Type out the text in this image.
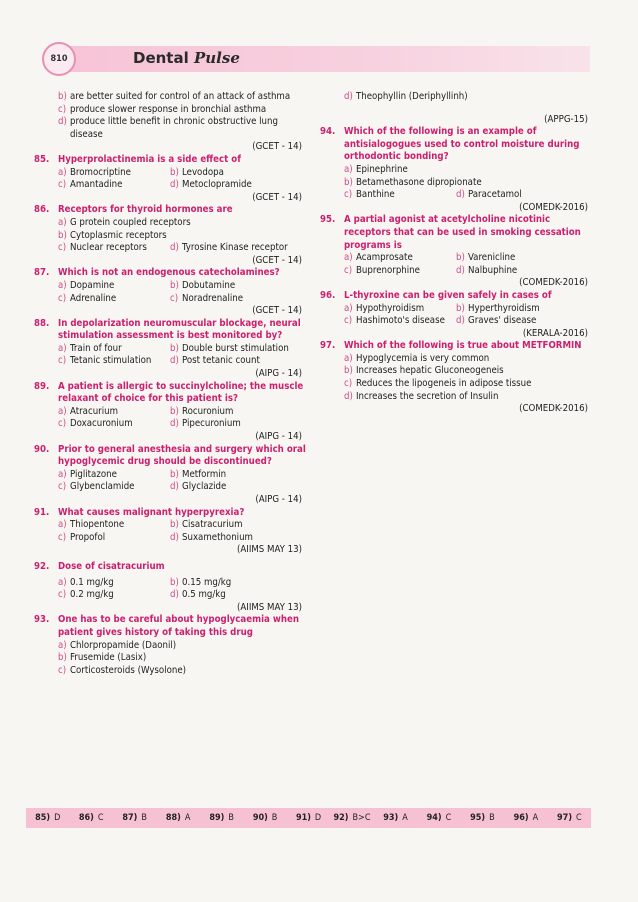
810	Dental Pulse
b) are better suited for control of an attack of asthma
c) produce slower response in bronchial asthma
d) produce little benefit in chronic obstructive lung
disease
(GCET - 14)
85. Hyperprolactinemia is a side effect of
a) Bromocriptine	b) Levodopa
c) Amantadine	d) Metoclopramide
(GCET - 14)
86. Receptors for thyroid hormones are
a) G protein coupled receptors
b) Cytoplasmic receptors
c) Nuclear receptors d) Tyrosine Kinase receptor
(GCET - 14)
87. Which is not an endogenous catecholamines?
a) Dopamine	b) Dobutamine
c) Adrenaline	c) Noradrenaline
(GCET - 14)
88. In depolarization neuromuscular blockage, neural stimulation assessment is best monitored by?
a) Train of four	b) Double burst stimulation
c) Tetanic stimulation d) Post tetanic count
(AIPG - 14)
89. A patient is allergic to succinylcholine; the muscle relaxant of choice for this patient is?
a) Atracurium	b) Rocuronium
c) Doxacuronium	d) Pipecuronium
(AIPG - 14)
90. Prior to general anesthesia and surgery which oral hypoglycemic drug should be discontinued?
a) Piglitazone	b) Metformin
c) Glybenclamide	d) Glyclazide
(AIPG - 14)
91. What causes malignant hyperpyrexia?
a) Thiopentone	b) Cisatracurium
c) Propofol	d) Suxamethonium
(AIIMS MAY 13)
92. Dose of cisatracurium
a) 0.1 mg/kg	b) 0.15 mg/kg
c) 0.2 mg/kg	d) 0.5 mg/kg
(AIIMS MAY 13)
93. One has to be careful about hypoglycaemia when patient gives history of taking this drug
a) Chlorpropamide (Daonil)
b) Frusemide (Lasix)
c) Corticosteroids (Wysolone)
d) Theophyllin (Deriphyllinh)
(APPG-15)
94. Which of the following is an example of antisialogogues used to control moisture during orthodontic bonding?
a) Epinephrine
b) Betamethasone dipropionate
c) Banthine	d) Paracetamol
(COMEDK-2016)
95. A partial agonist at acetylcholine nicotinic receptors that can be used in smoking cessation programs is
a) Acamprosate	b) Varenicline
c) Buprenorphine	d) Nalbuphine
(COMEDK-2016)
96. L-thyroxine can be given safely in cases of
a) Hypothyroidism	b) Hyperthyroidism
c) Hashimoto's disease d) Graves' disease
(KERALA-2016)
97. Which of the following is true about METFORMIN
a) Hypoglycemia is very common
b) Increases hepatic Gluconeogeneis
c) Reduces the lipogeneis in adipose tissue
d) Increases the secretion of Insulin
(COMEDK-2016)
85) D	86) C	87) B	88) A	89) B	90) B	91) D	92) B>C	93) A	94) C	95) B	96) A	97) C
